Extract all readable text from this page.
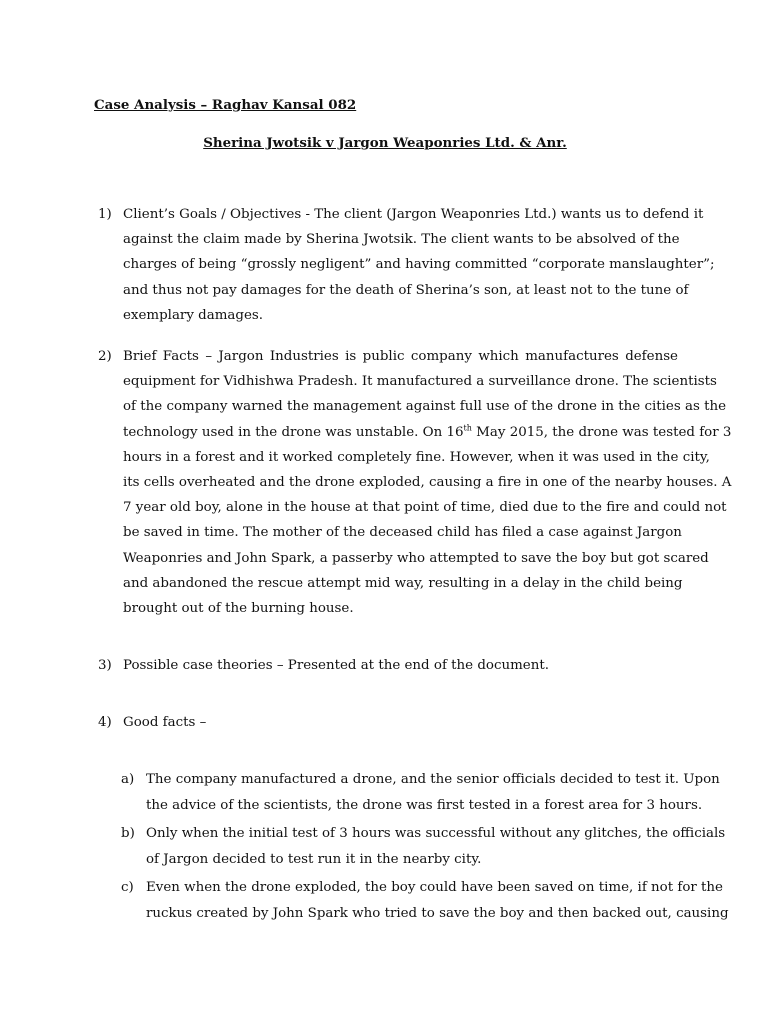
Case Analysis – Raghav Kansal 082
Sherina Jwotsik v Jargon Weaponries Ltd. & Anr.
1) Client’s Goals / Objectives - The client (Jargon Weaponries Ltd.) wants us to defend it
against the claim made by Sherina Jwotsik. The client wants to be absolved of the
charges of being “grossly negligent” and having committed “corporate manslaughter”;
and thus not pay damages for the death of Sherina’s son, at least not to the tune of
exemplary damages.
2) Brief Facts – Jargon Industries is public company which manufactures defense
equipment for Vidhishwa Pradesh. It manufactured a surveillance drone. The scientists
of the company warned the management against full use of the drone in the cities as the
technology used in the drone was unstable. On 16th May 2015, the drone was tested for 3
hours in a forest and it worked completely fine. However, when it was used in the city,
its cells overheated and the drone exploded, causing a fire in one of the nearby houses. A
7 year old boy, alone in the house at that point of time, died due to the fire and could not
be saved in time. The mother of the deceased child has filed a case against Jargon
Weaponries and John Spark, a passerby who attempted to save the boy but got scared
and abandoned the rescue attempt mid way, resulting in a delay in the child being
brought out of the burning house.
3) Possible case theories – Presented at the end of the document.
4) Good facts –
a) The company manufactured a drone, and the senior officials decided to test it. Upon
the advice of the scientists, the drone was first tested in a forest area for 3 hours.
b) Only when the initial test of 3 hours was successful without any glitches, the officials
of Jargon decided to test run it in the nearby city.
c) Even when the drone exploded, the boy could have been saved on time, if not for the
ruckus created by John Spark who tried to save the boy and then backed out, causing
